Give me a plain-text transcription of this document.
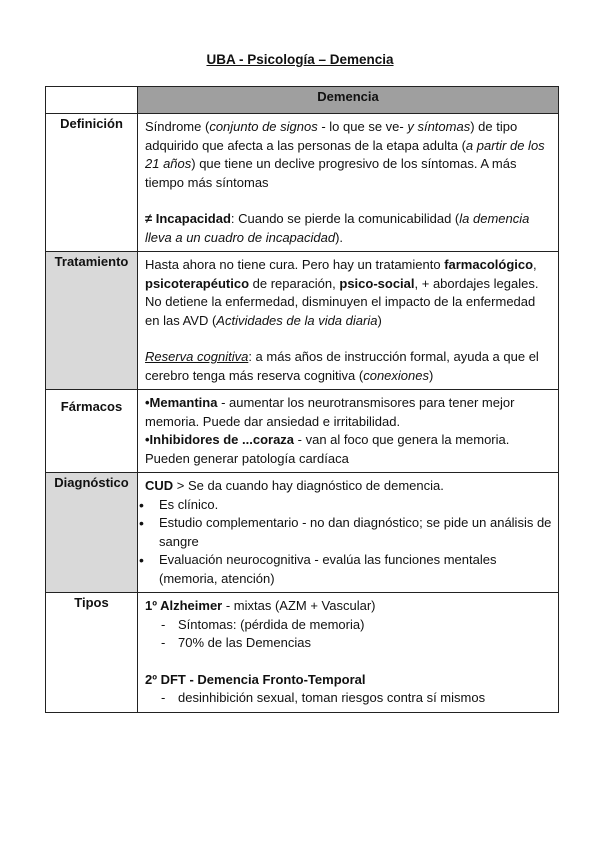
UBA - Psicología – Demencia
	Demencia
Definición	Síndrome (conjunto de signos - lo que se ve- y síntomas) de tipo adquirido que afecta a las personas de la etapa adulta (a partir de los 21 años) que tiene un declive progresivo de los síntomas. A más tiempo más síntomas

≠ Incapacidad: Cuando se pierde la comunicabilidad (la demencia lleva a un cuadro de incapacidad).

Tratamiento	Hasta ahora no tiene cura. Pero hay un tratamiento farmacológico, psicoterapéutico de reparación, psico-social, + abordajes legales.

No detiene la enfermedad, disminuyen el impacto de la enfermedad en las AVD (Actividades de la vida diaria)

Reserva cognitiva: a más años de instrucción formal, ayuda a que el cerebro tenga más reserva cognitiva (conexiones)

Fármacos	•Memantina - aumentar los neurotransmisores para tener mejor memoria. Puede dar ansiedad e irritabilidad.

•Inhibidores de ...coraza - van al foco que genera la memoria. Pueden generar patología cardíaca

Diagnóstico	CUD > Se da cuando hay diagnóstico de demencia.

• Es clínico.
• Estudio complementario - no dan diagnóstico; se pide un análisis de sangre
• Evaluación neurocognitiva - evalúa las funciones mentales (memoria, atención)

Tipos	1º Alzheimer - mixtas (AZM + Vascular)

- Síntomas: (pérdida de memoria)
- 70% de las Demencias

2º DFT - Demencia Fronto-Temporal

- desinhibición sexual, toman riesgos contra sí mismos
